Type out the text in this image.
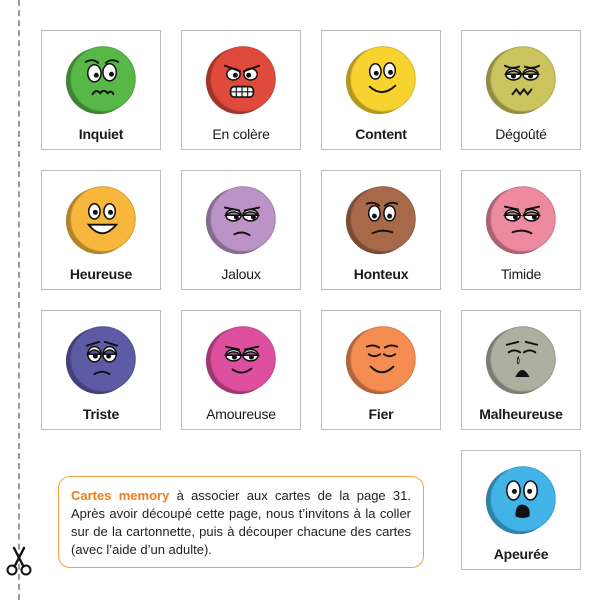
Inquiet	En colère	Content	Dégoûté
Heureuse	Jaloux	Honteux	Timide
Triste	Amoureuse	Fier	Malheureuse
Apeurée
Cartes memory à associer aux cartes de la page 31. Après avoir découpé cette page, nous t’invitons à la coller sur de la cartonnette, puis à découper chacune des cartes (avec l’aide d’un adulte).
